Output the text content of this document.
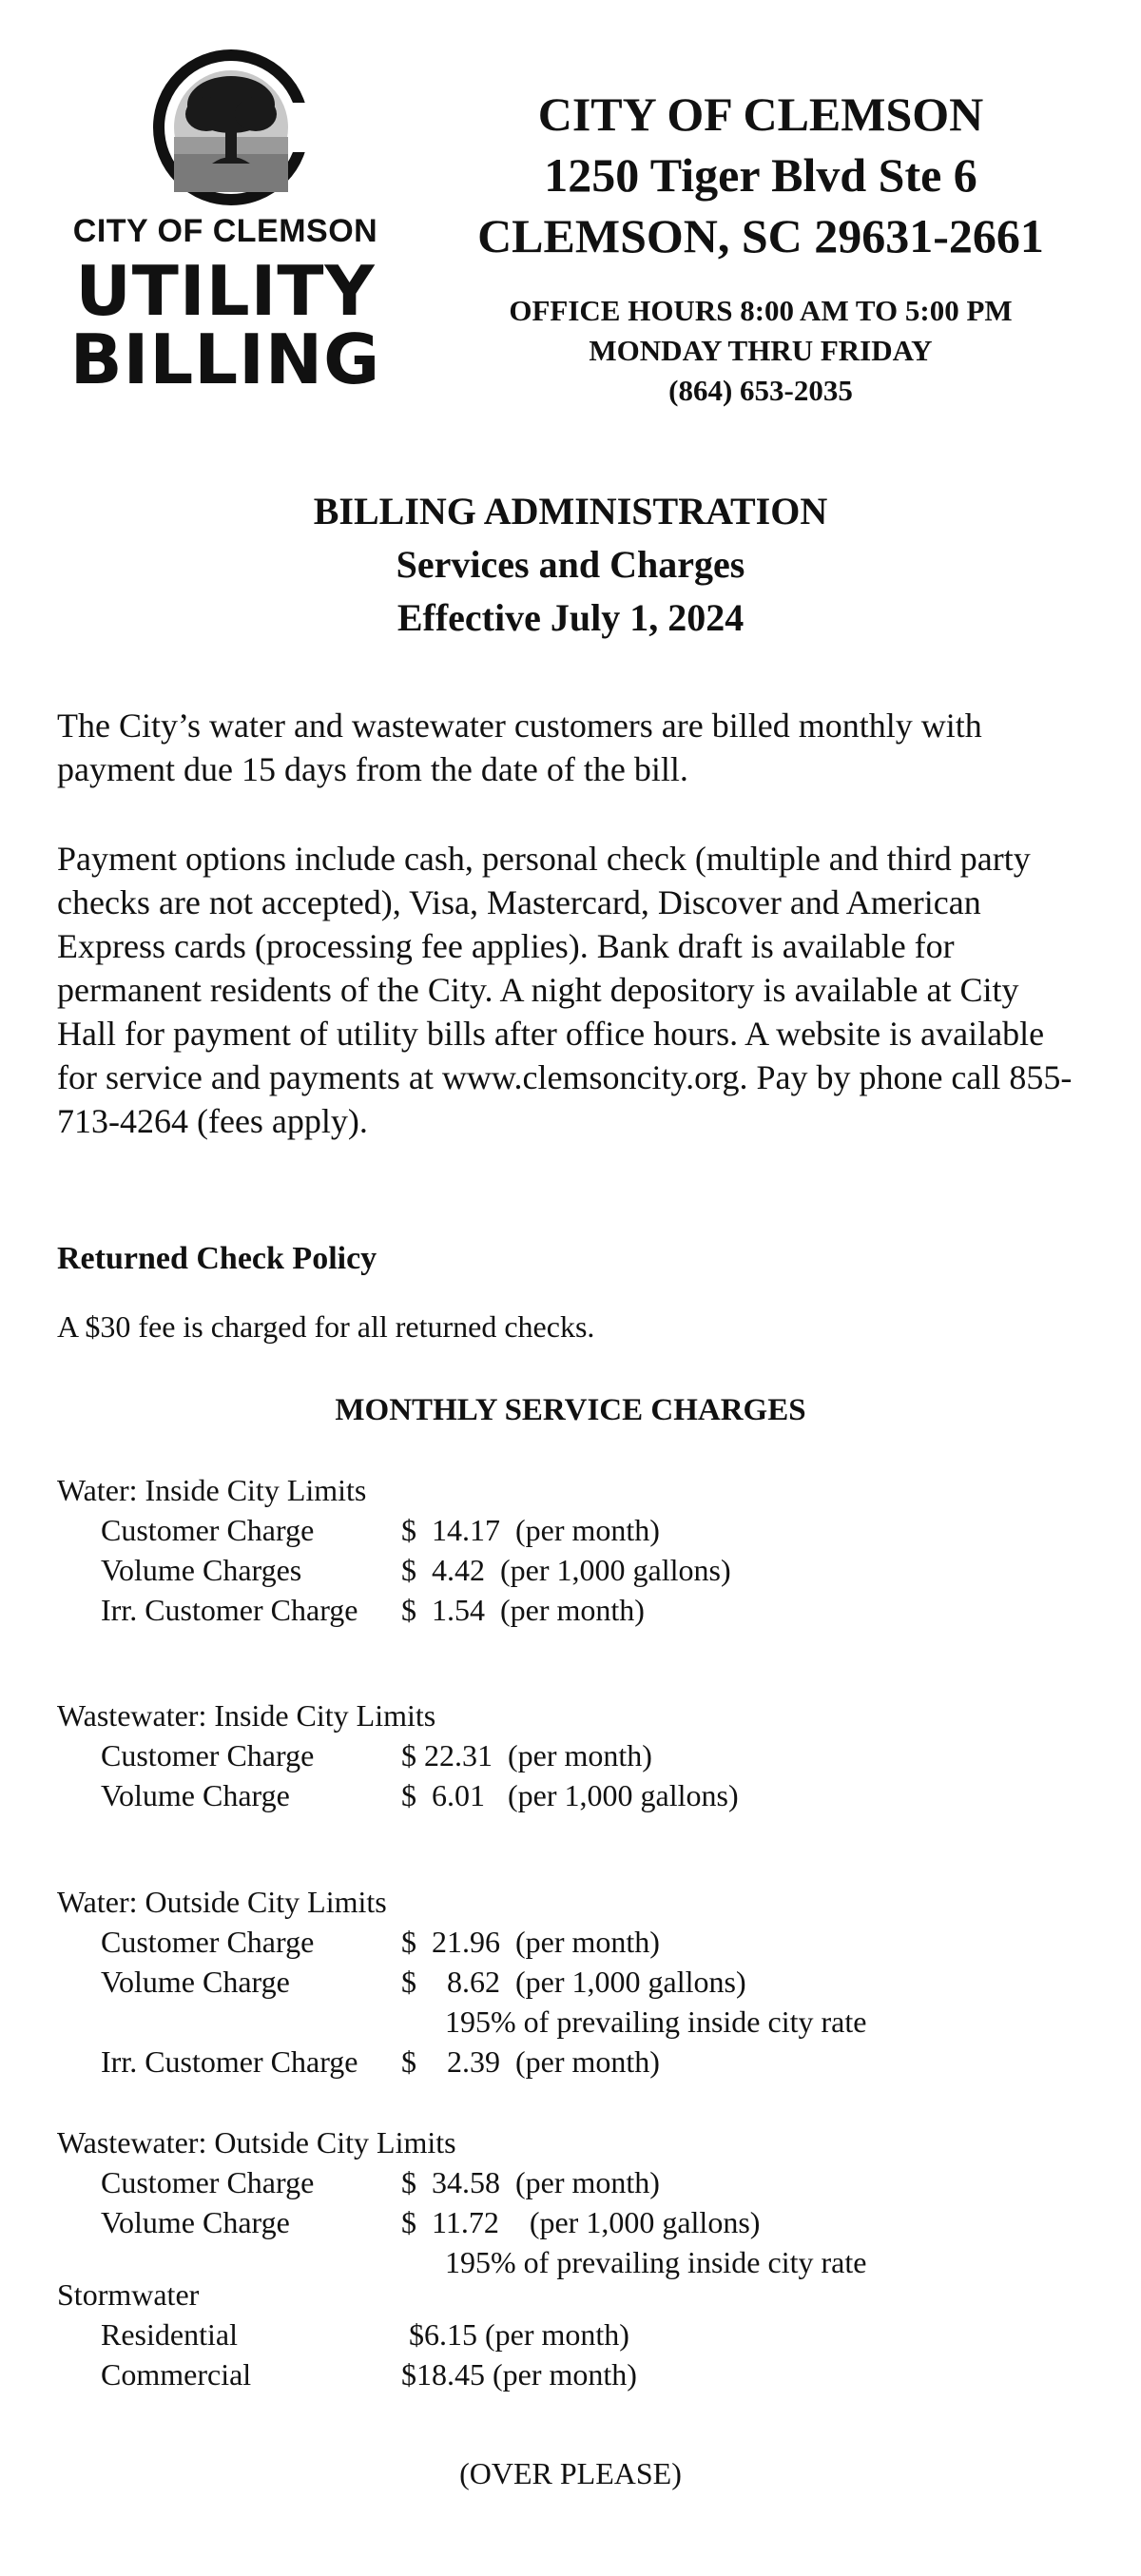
CITY OF CLEMSON
UTILITY
BILLING
CITY OF CLEMSON
1250 Tiger Blvd Ste 6
CLEMSON, SC 29631-2661
OFFICE HOURS 8:00 AM TO 5:00 PM
MONDAY THRU FRIDAY
(864) 653-2035
BILLING ADMINISTRATION
Services and Charges
Effective July 1, 2024
The City’s water and wastewater customers are billed monthly with payment due 15 days from the date of the bill.
Payment options include cash, personal check (multiple and third party checks are not accepted), Visa, Mastercard, Discover and American Express cards (processing fee applies). Bank draft is available for permanent residents of the City. A night depository is available at City Hall for payment of utility bills after office hours. A website is available for service and payments at www.clemsoncity.org. Pay by phone call 855-713-4264 (fees apply).
Returned Check Policy
A $30 fee is charged for all returned checks.
MONTHLY SERVICE CHARGES
Water: Inside City Limits
Customer Charge	$  14.17  (per month)
Volume Charges	$  4.42  (per 1,000 gallons)
Irr. Customer Charge	$  1.54  (per month)
Wastewater: Inside City Limits
Customer Charge	$ 22.31  (per month)
Volume Charge	$  6.01   (per 1,000 gallons)
Water: Outside City Limits
Customer Charge	$  21.96  (per month)
Volume Charge	$    8.62  (per 1,000 gallons)
195% of prevailing inside city rate
Irr. Customer Charge	$    2.39  (per month)
Wastewater: Outside City Limits
Customer Charge	$  34.58  (per month)
Volume Charge	$  11.72    (per 1,000 gallons)
195% of prevailing inside city rate
Stormwater
Residential	$6.15 (per month)
Commercial	$18.45 (per month)
(OVER PLEASE)
